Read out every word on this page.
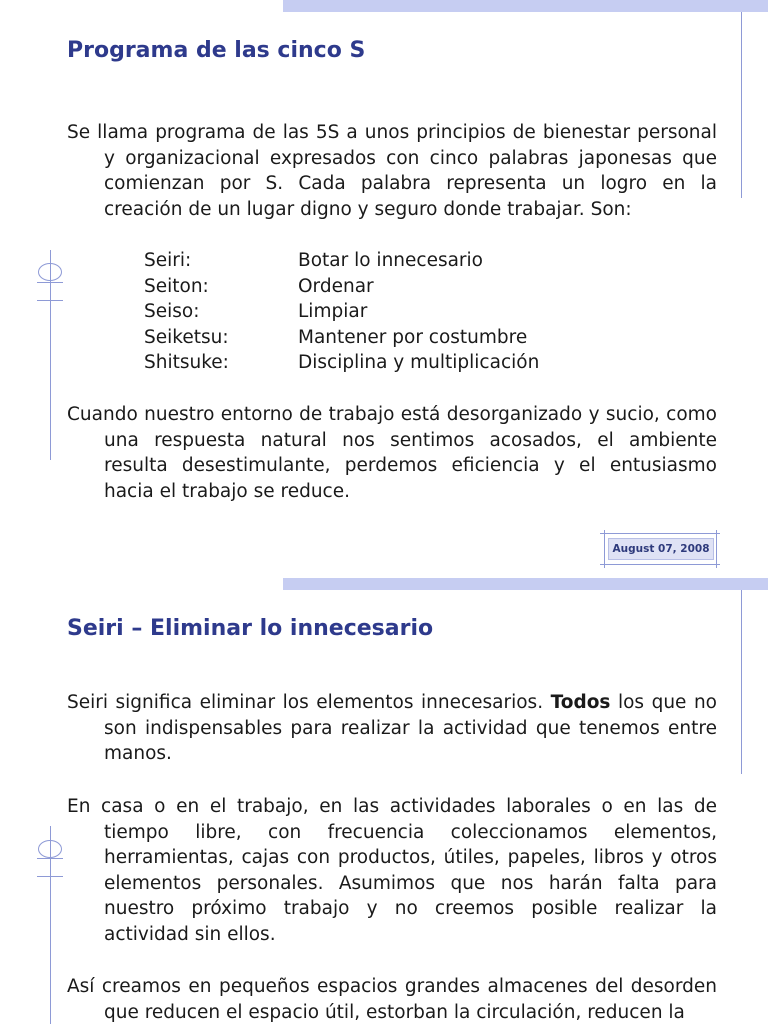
Programa de las cinco S

Se llama programa de las 5S a unos principios de bienestar personal y organizacional expresados con cinco palabras japonesas que comienzan por S. Cada palabra representa un logro en la creación de un lugar digno y seguro donde trabajar. Son:

Seiri:	Botar lo innecesario
Seiton:	Ordenar
Seiso:	Limpiar
Seiketsu:	Mantener por costumbre
Shitsuke:	Disciplina y multiplicación

Cuando nuestro entorno de trabajo está desorganizado y sucio, como una respuesta natural nos sentimos acosados, el ambiente resulta desestimulante, perdemos eficiencia y el entusiasmo hacia el trabajo se reduce.

August 07, 2008
Seiri – Eliminar lo innecesario

Seiri significa eliminar los elementos innecesarios. Todos los que no son indispensables para realizar la actividad que tenemos entre manos.

En casa o en el trabajo, en las actividades laborales o en las de tiempo libre, con frecuencia coleccionamos elementos, herramientas, cajas con productos, útiles, papeles, libros y otros elementos personales. Asumimos que nos harán falta para nuestro próximo trabajo y no creemos posible realizar la actividad sin ellos.

Así creamos en pequeños espacios grandes almacenes del desorden que reducen el espacio útil, estorban la circulación, reducen la
